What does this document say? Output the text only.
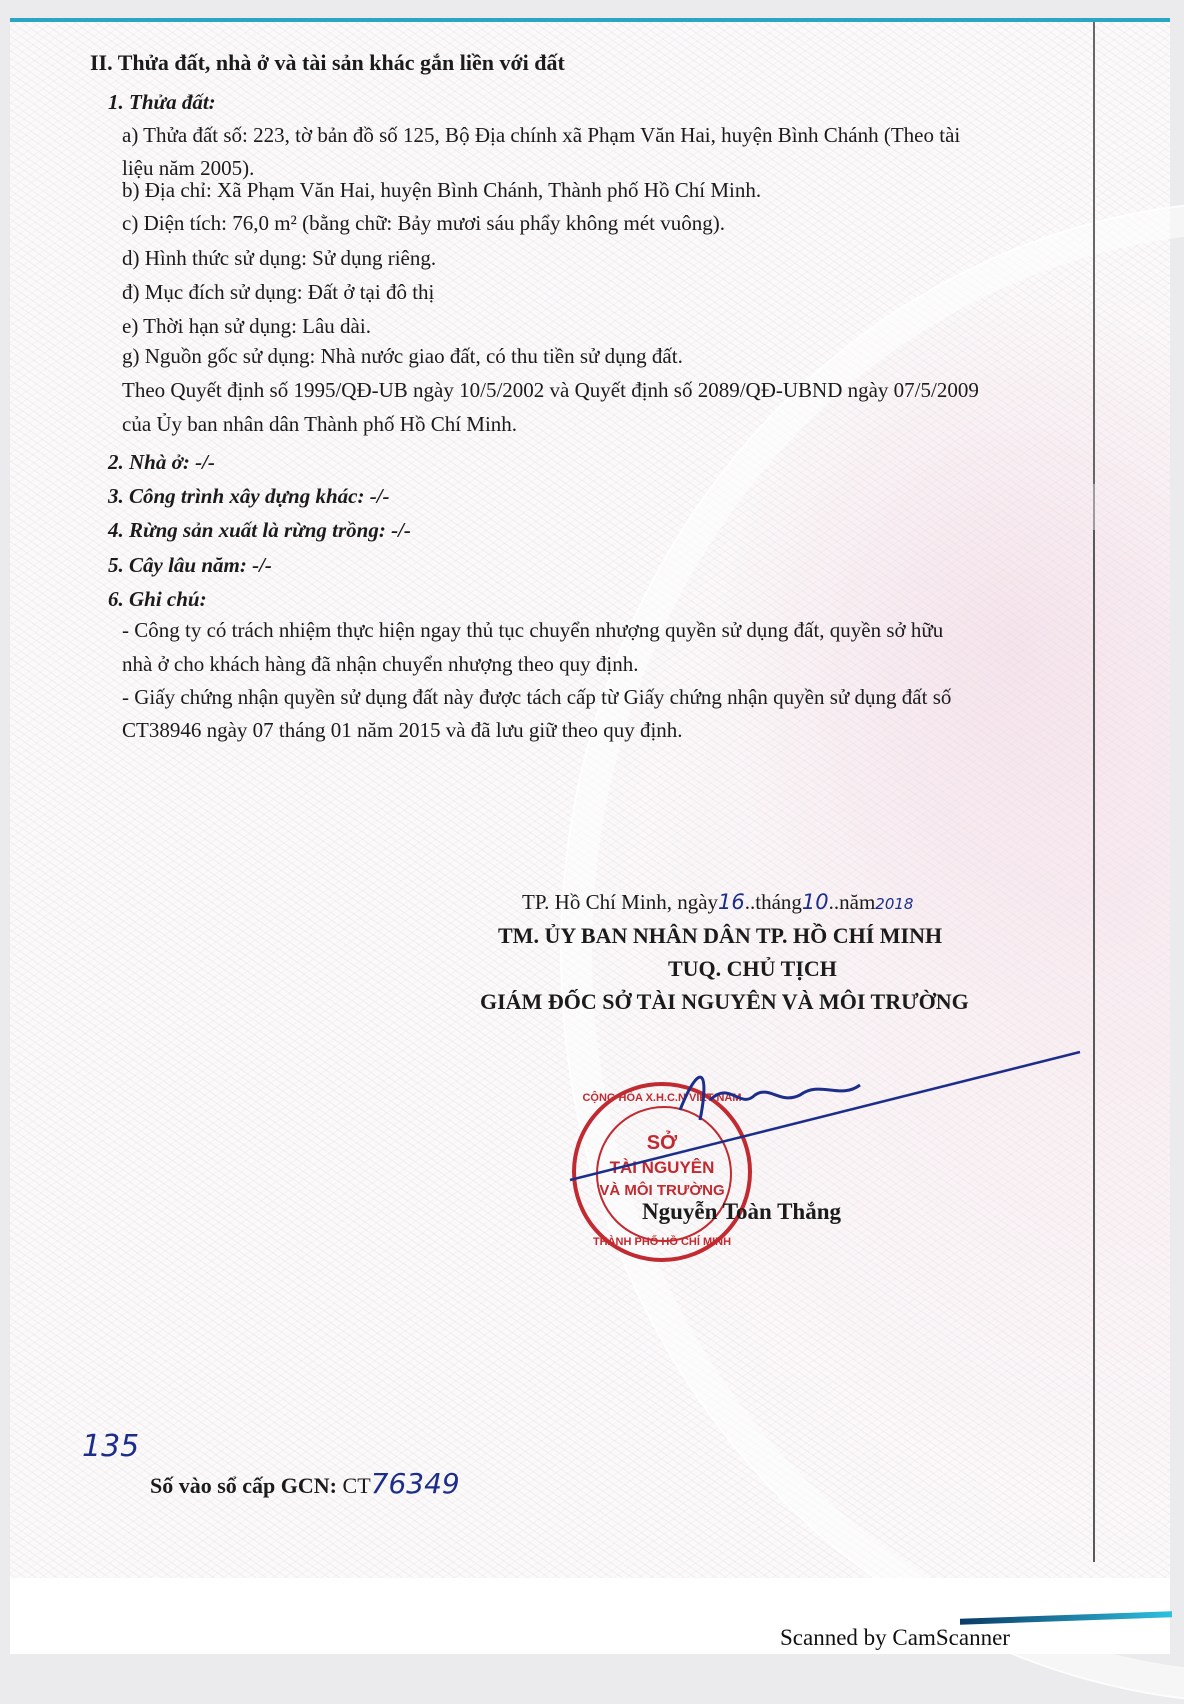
II. Thửa đất, nhà ở và tài sản khác gắn liền với đất
1. Thửa đất:
a) Thửa đất số: 223, tờ bản đồ số 125, Bộ Địa chính xã Phạm Văn Hai, huyện Bình Chánh (Theo tài
liệu năm 2005).
b) Địa chỉ: Xã Phạm Văn Hai, huyện Bình Chánh, Thành phố Hồ Chí Minh.
c) Diện tích: 76,0 m² (bằng chữ: Bảy mươi sáu phẩy không mét vuông).
d) Hình thức sử dụng: Sử dụng riêng.
đ) Mục đích sử dụng: Đất ở tại đô thị
e) Thời hạn sử dụng: Lâu dài.
g) Nguồn gốc sử dụng: Nhà nước giao đất, có thu tiền sử dụng đất.
Theo Quyết định số 1995/QĐ-UB ngày 10/5/2002 và Quyết định số 2089/QĐ-UBND ngày 07/5/2009
của Ủy ban nhân dân Thành phố Hồ Chí Minh.
2. Nhà ở: -/-
3. Công trình xây dựng khác: -/-
4. Rừng sản xuất là rừng trồng: -/-
5. Cây lâu năm: -/-
6. Ghi chú:
- Công ty có trách nhiệm thực hiện ngay thủ tục chuyển nhượng quyền sử dụng đất, quyền sở hữu
nhà ở cho khách hàng đã nhận chuyển nhượng theo quy định.
- Giấy chứng nhận quyền sử dụng đất này được tách cấp từ Giấy chứng nhận quyền sử dụng đất số
CT38946 ngày 07 tháng 01 năm 2015 và đã lưu giữ theo quy định.
TP. Hồ Chí Minh, ngày16..tháng10..năm2018
TM. ỦY BAN NHÂN DÂN TP. HỒ CHÍ MINH
TUQ. CHỦ TỊCH
GIÁM ĐỐC SỞ TÀI NGUYÊN VÀ MÔI TRƯỜNG
CỘNG HÒA X.H.C.N VIỆT NAM
SỞ
TÀI NGUYÊN
VÀ MÔI TRƯỜNG
THÀNH PHỐ HỒ CHÍ MINH
Nguyễn Toàn Thắng
135
Số vào sổ cấp GCN: CT76349
Scanned by CamScanner
